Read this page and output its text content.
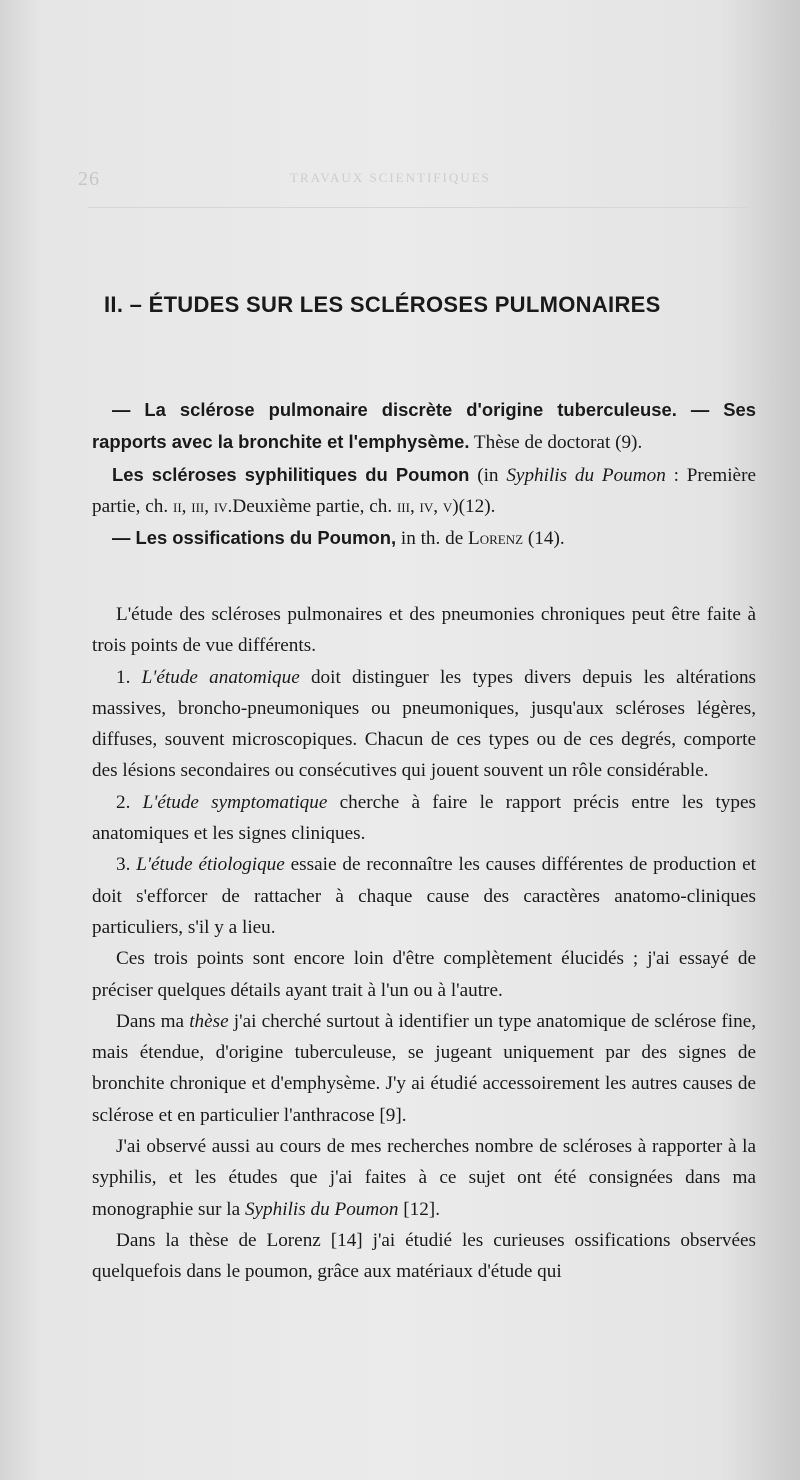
26	TRAVAUX SCIENTIFIQUES
II. – ÉTUDES SUR LES SCLÉROSES PULMONAIRES
— La sclérose pulmonaire discrète d'origine tuberculeuse. — Ses rapports avec la bronchite et l'emphysème. Thèse de doctorat (9).
Les scléroses syphilitiques du Poumon (in Syphilis du Poumon : Première partie, ch. ii, iii, iv.Deuxième partie, ch. iii, iv, v)(12).
— Les ossifications du Poumon, in th. de Lorenz (14).

L'étude des scléroses pulmonaires et des pneumonies chroniques peut être faite à trois points de vue différents.

1. L'étude anatomique doit distinguer les types divers depuis les altérations massives, broncho-pneumoniques ou pneumoniques, jusqu'aux scléroses légères, diffuses, souvent microscopiques. Chacun de ces types ou de ces degrés, comporte des lésions secondaires ou consécutives qui jouent souvent un rôle considérable.

2. L'étude symptomatique cherche à faire le rapport précis entre les types anatomiques et les signes cliniques.

3. L'étude étiologique essaie de reconnaître les causes différentes de production et doit s'efforcer de rattacher à chaque cause des caractères anatomo-cliniques particuliers, s'il y a lieu.

Ces trois points sont encore loin d'être complètement élucidés ; j'ai essayé de préciser quelques détails ayant trait à l'un ou à l'autre.

Dans ma thèse j'ai cherché surtout à identifier un type anatomique de sclérose fine, mais étendue, d'origine tuberculeuse, se jugeant uniquement par des signes de bronchite chronique et d'emphysème. J'y ai étudié accessoirement les autres causes de sclérose et en particulier l'anthracose [9].

J'ai observé aussi au cours de mes recherches nombre de scléroses à rapporter à la syphilis, et les études que j'ai faites à ce sujet ont été consignées dans ma monographie sur la Syphilis du Poumon [12].

Dans la thèse de Lorenz [14] j'ai étudié les curieuses ossifications observées quelquefois dans le poumon, grâce aux matériaux d'étude qui
